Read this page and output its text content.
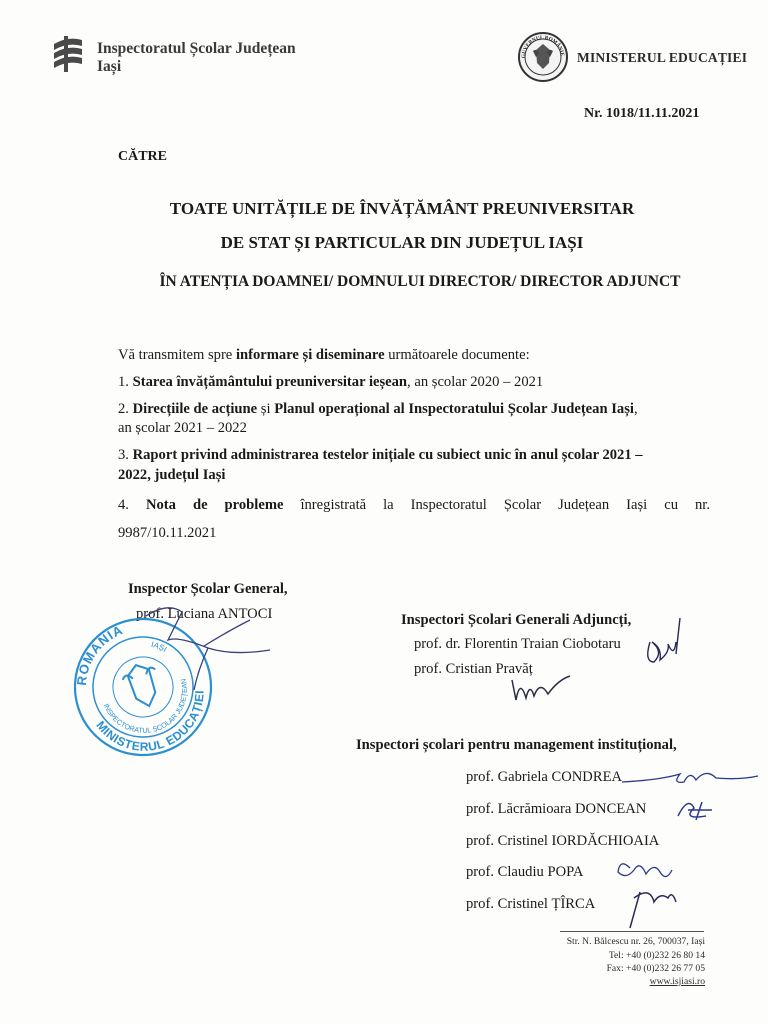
Inspectoratul Școlar Județean
Iași
GUVERNUL ROMÂNIE MINISTERUL EDUCAȚIEI
Nr. 1018/11.11.2021
CĂTRE
TOATE UNITĂȚILE DE ÎNVĂȚĂMÂNT PREUNIVERSITAR
DE STAT ȘI PARTICULAR DIN JUDEȚUL IAȘI
ÎN ATENȚIA DOAMNEI/ DOMNULUI DIRECTOR/ DIRECTOR ADJUNCT
Vă transmitem spre informare și diseminare următoarele documente:
1. Starea învățământului preuniversitar ieșean, an școlar 2020 – 2021
2. Direcțiile de acțiune și Planul operațional al Inspectoratului Școlar Județean Iași,
an școlar 2021 – 2022
3. Raport privind administrarea testelor inițiale cu subiect unic în anul școlar 2021 –
2022, județul Iași
4. Nota de probleme înregistrată la Inspectoratul Școlar Județean Iași cu nr.
9987/10.11.2021
Inspector Școlar General,
prof. Luciana ANTOCI
ROMÂNIA
MINISTERUL EDUCAȚIEI
INSPECTORATUL ȘCOLAR JUDEȚEAN
IAȘI
Inspectori Școlari Generali Adjuncți,
prof. dr. Florentin Traian Ciobotaru
prof. Cristian Pravăț
Inspectori școlari pentru management instituțional,
prof. Gabriela CONDREA
prof. Lăcrămioara DONCEAN
prof. Cristinel IORDĂCHIOAIA
prof. Claudiu POPA
prof. Cristinel ȚÎRCA
Str. N. Bălcescu nr. 26, 700037, Iași
Tel: +40 (0)232 26 80 14
Fax: +40 (0)232 26 77 05
www.isjiasi.ro
